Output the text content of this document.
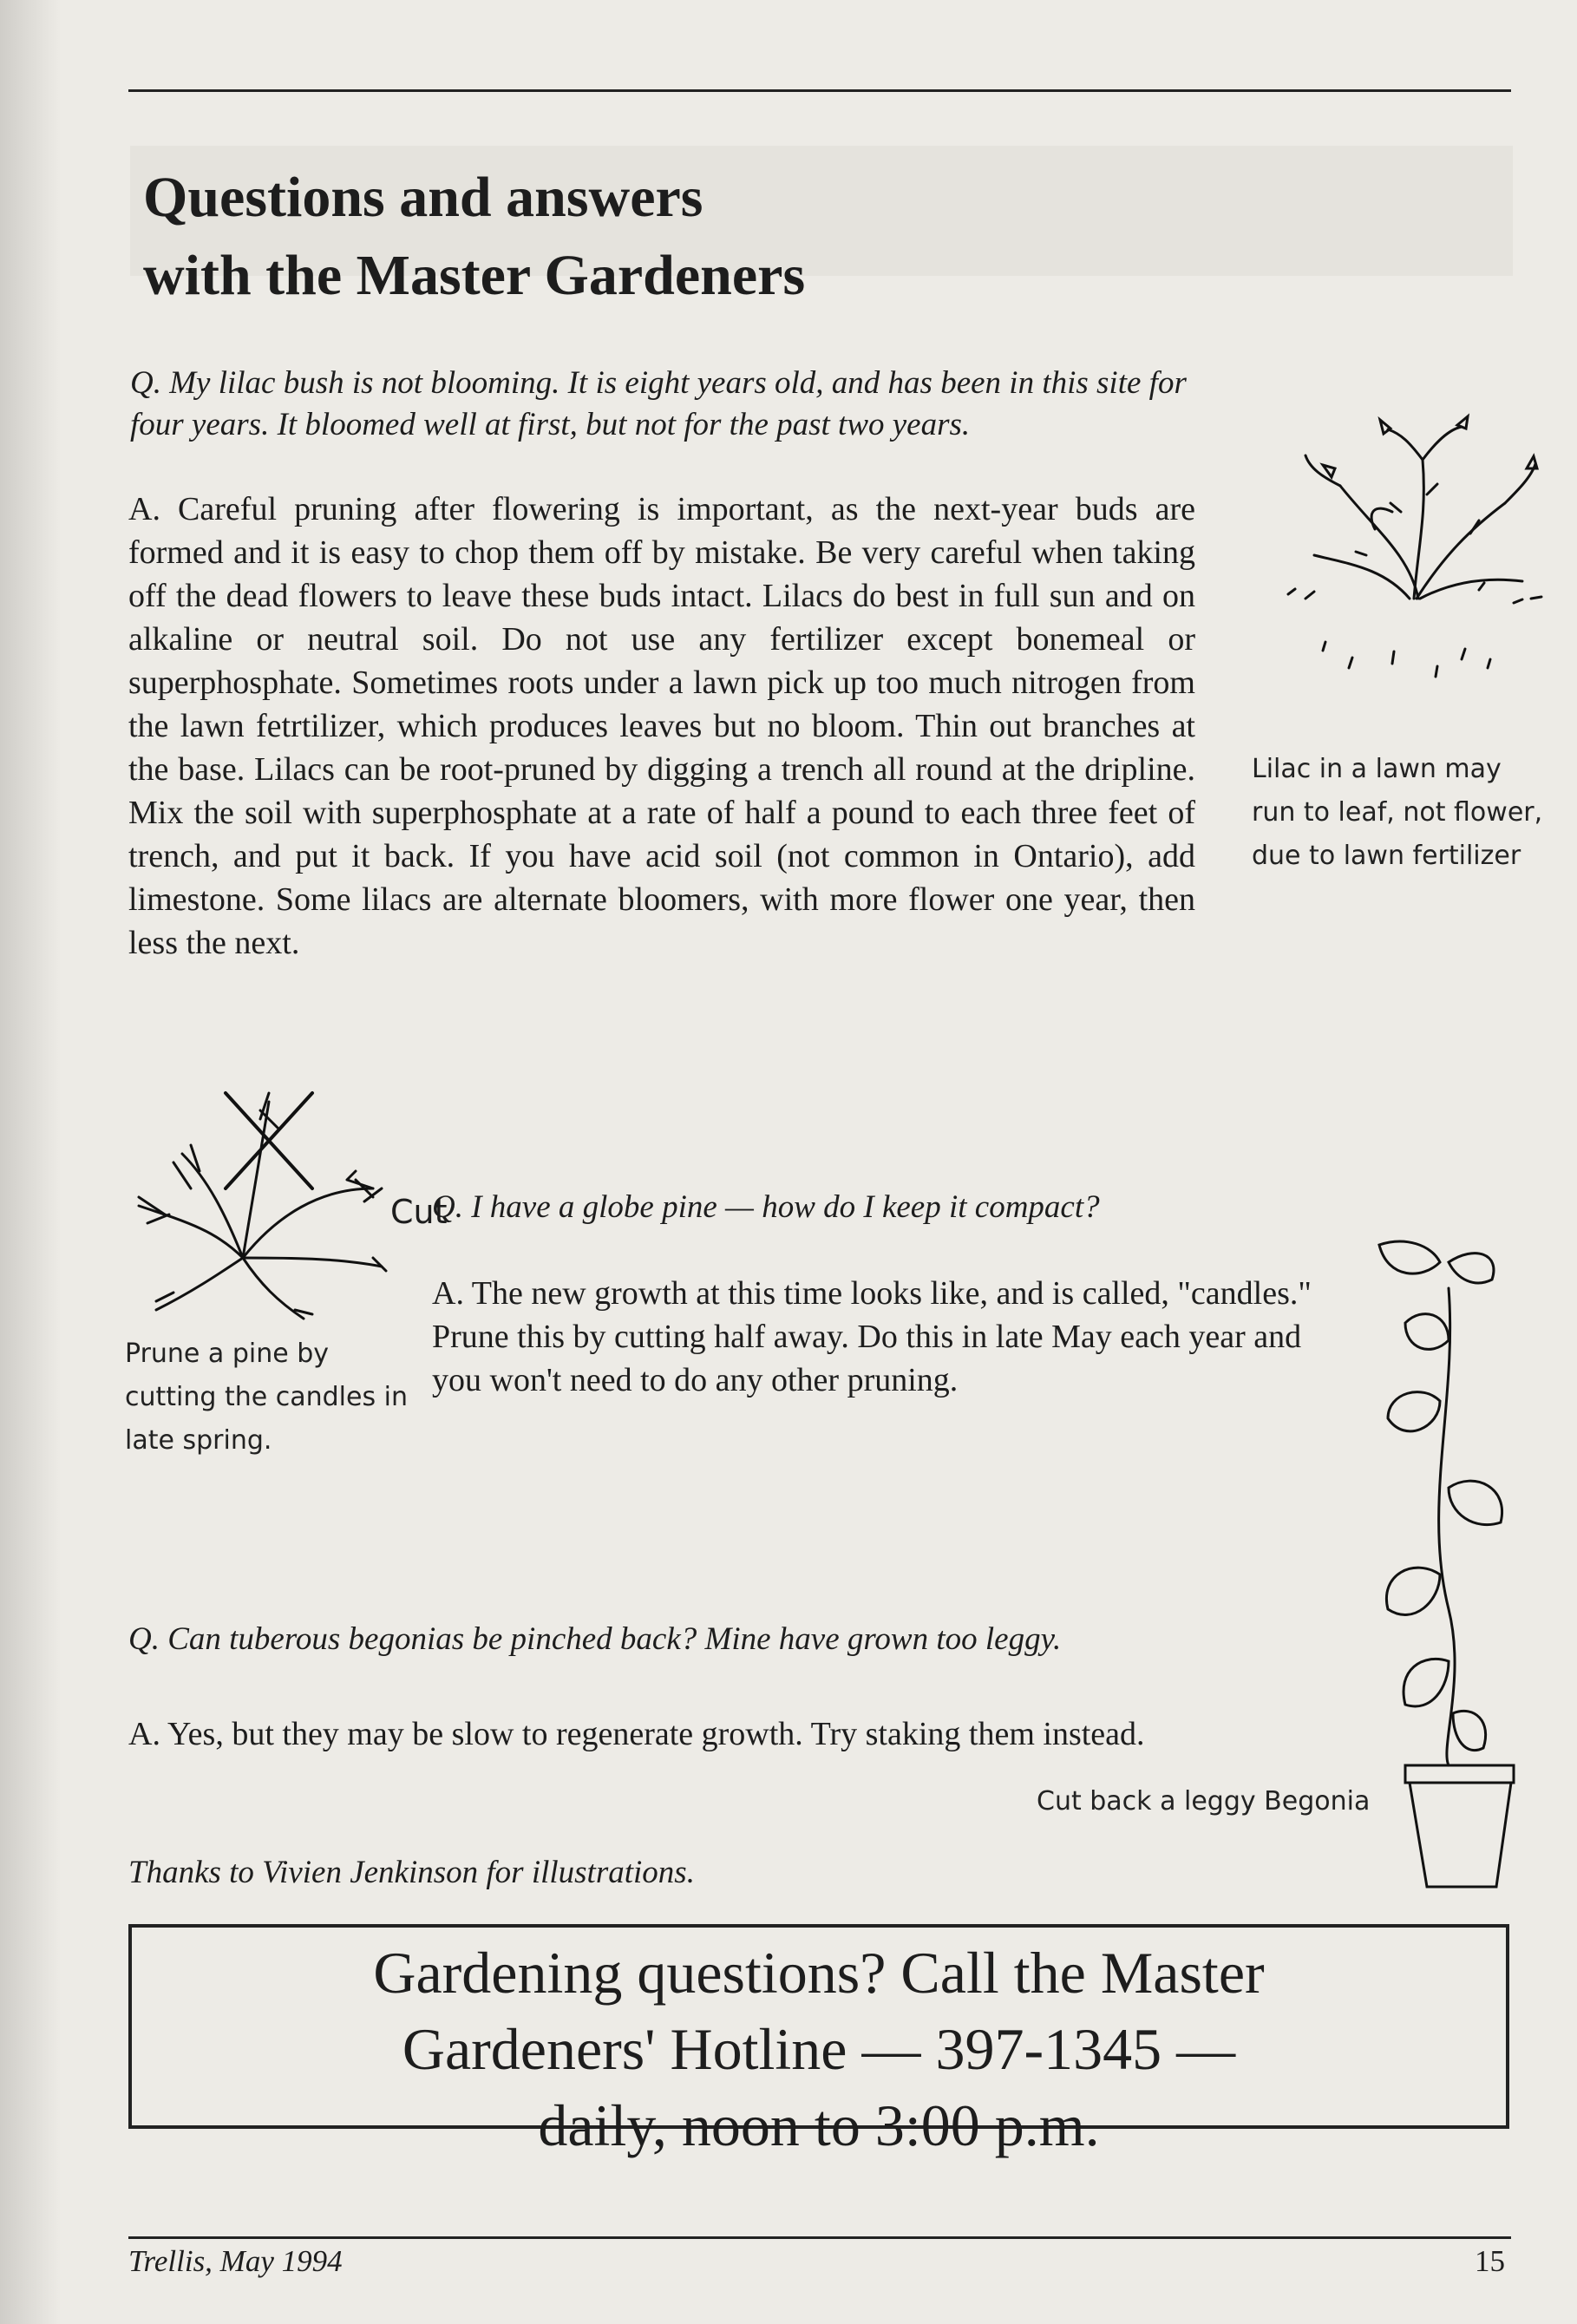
Questions and answers
with the Master Gardeners

Q. My lilac bush is not blooming. It is eight years old, and has been in this site for four years. It bloomed well at first, but not for the past two years.

A. Careful pruning after flowering is important, as the next-year buds are formed and it is easy to chop them off by mistake. Be very careful when taking off the dead flowers to leave these buds intact. Lilacs do best in full sun and on alkaline or neutral soil. Do not use any fertilizer except bonemeal or superphosphate. Sometimes roots under a lawn pick up too much nitrogen from the lawn fetrtilizer, which produces leaves but no bloom. Thin out branches at the base. Lilacs can be root-pruned by digging a trench all round at the dripline. Mix the soil with superphosphate at a rate of half a pound to each three feet of trench, and put it back. If you have acid soil (not common in Ontario), add limestone. Some lilacs are alternate bloomers, with more flower one year, then less the next.

Lilac in a lawn may run to leaf, not flower, due to lawn fertilizer

Cut

Q. I have a globe pine — how do I keep it compact?

A. The new growth at this time looks like, and is called, "candles." Prune this by cutting half away. Do this in late May each year and you won't need to do any other pruning.

Prune a pine by cutting the candles in late spring.

Q. Can tuberous begonias be pinched back? Mine have grown too leggy.

A. Yes, but they may be slow to regenerate growth. Try staking them instead.

Cut back a leggy Begonia

Thanks to Vivien Jenkinson for illustrations.

Gardening questions? Call the Master
Gardeners' Hotline — 397-1345 —
daily, noon to 3:00 p.m.
Trellis, May 1994	15
